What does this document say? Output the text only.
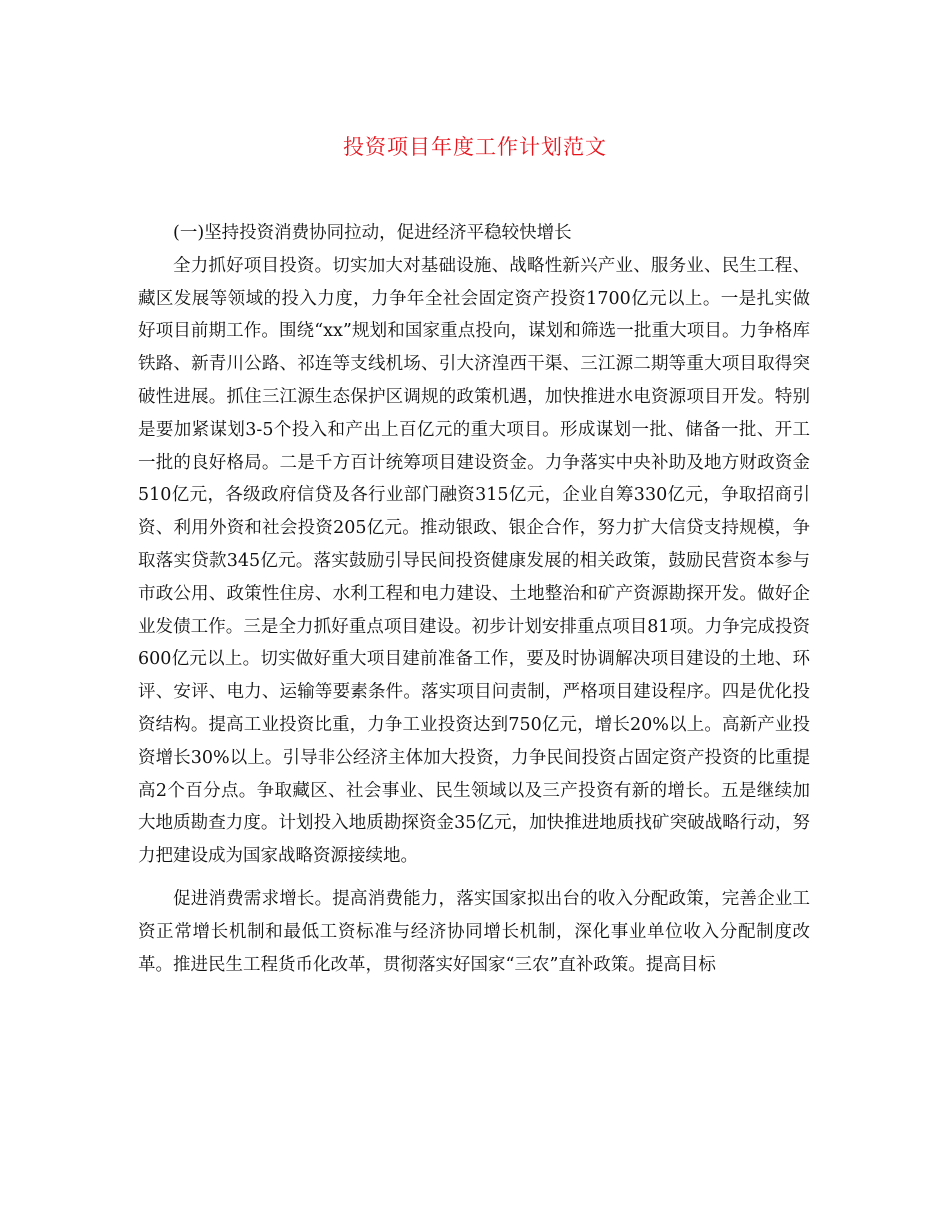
投资项目年度工作计划范文

(一)坚持投资消费协同拉动，促进经济平稳较快增长

全力抓好项目投资。切实加大对基础设施、战略性新兴产业、服务业、民生工程、藏区发展等领域的投入力度，力争年全社会固定资产投资1700亿元以上。一是扎实做好项目前期工作。围绕“xx”规划和国家重点投向，谋划和筛选一批重大项目。力争格库铁路、新青川公路、祁连等支线机场、引大济湟西干渠、三江源二期等重大项目取得突破性进展。抓住三江源生态保护区调规的政策机遇，加快推进水电资源项目开发。特别是要加紧谋划3-5个投入和产出上百亿元的重大项目。形成谋划一批、储备一批、开工一批的良好格局。二是千方百计统筹项目建设资金。力争落实中央补助及地方财政资金510亿元，各级政府信贷及各行业部门融资315亿元，企业自筹330亿元，争取招商引资、利用外资和社会投资205亿元。推动银政、银企合作，努力扩大信贷支持规模，争取落实贷款345亿元。落实鼓励引导民间投资健康发展的相关政策，鼓励民营资本参与市政公用、政策性住房、水利工程和电力建设、土地整治和矿产资源勘探开发。做好企业发债工作。三是全力抓好重点项目建设。初步计划安排重点项目81项。力争完成投资600亿元以上。切实做好重大项目建前准备工作，要及时协调解决项目建设的土地、环评、安评、电力、运输等要素条件。落实项目问责制，严格项目建设程序。四是优化投资结构。提高工业投资比重，力争工业投资达到750亿元，增长20%以上。高新产业投资增长30%以上。引导非公经济主体加大投资，力争民间投资占固定资产投资的比重提高2个百分点。争取藏区、社会事业、民生领域以及三产投资有新的增长。五是继续加大地质勘查力度。计划投入地质勘探资金35亿元，加快推进地质找矿突破战略行动，努力把建设成为国家战略资源接续地。

促进消费需求增长。提高消费能力，落实国家拟出台的收入分配政策，完善企业工资正常增长机制和最低工资标准与经济协同增长机制，深化事业单位收入分配制度改革。推进民生工程货币化改革，贯彻落实好国家“三农”直补政策。提高目标
